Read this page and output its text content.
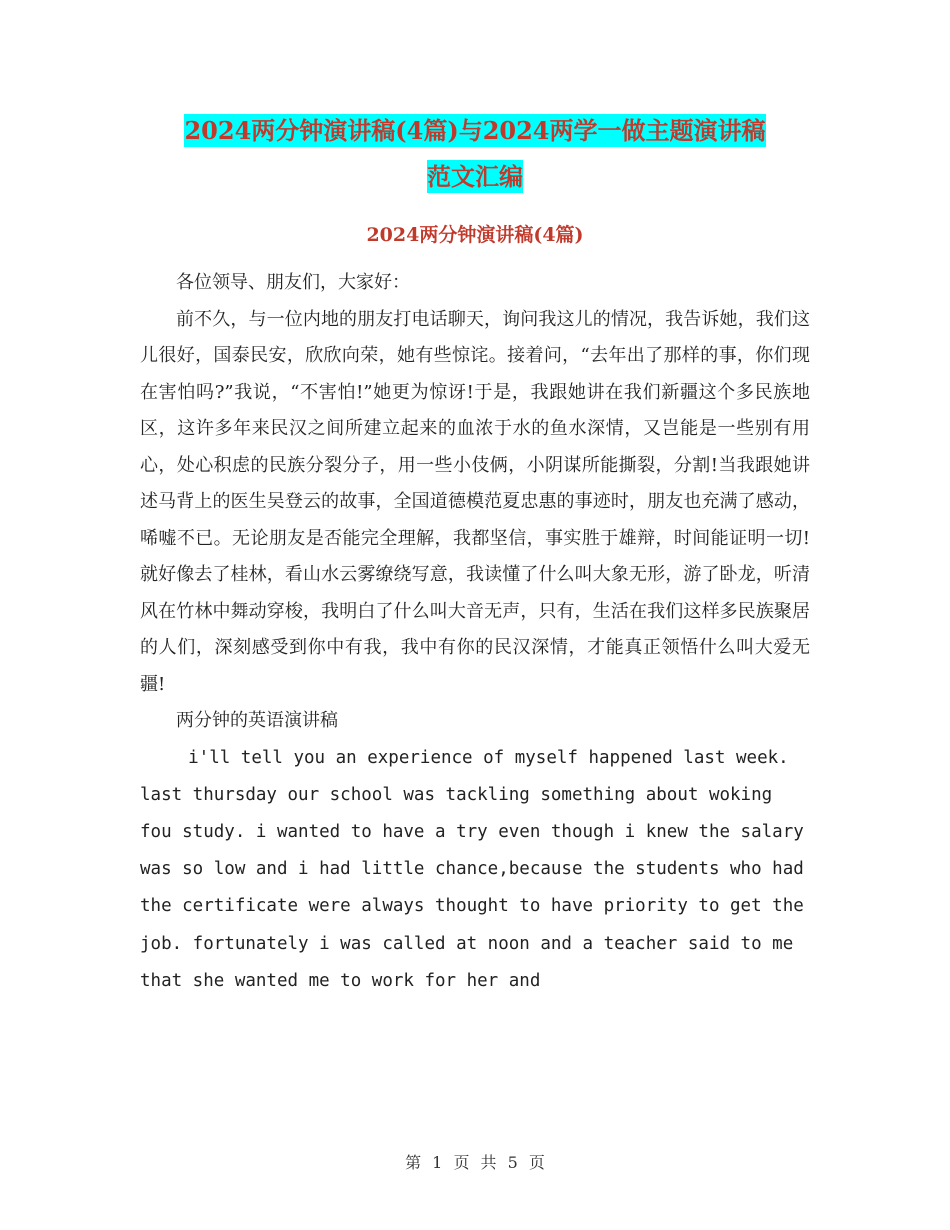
2024两分钟演讲稿(4篇)与2024两学一做主题演讲稿
范文汇编
2024两分钟演讲稿(4篇)

各位领导、朋友们，大家好：

前不久，与一位内地的朋友打电话聊天，询问我这儿的情况，我告诉她，我们这儿很好，国泰民安，欣欣向荣，她有些惊诧。接着问，“去年出了那样的事，你们现在害怕吗?”我说，“不害怕!”她更为惊讶!于是，我跟她讲在我们新疆这个多民族地区，这许多年来民汉之间所建立起来的血浓于水的鱼水深情，又岂能是一些别有用心，处心积虑的民族分裂分子，用一些小伎俩，小阴谋所能撕裂，分割!当我跟她讲述马背上的医生吴登云的故事，全国道德模范夏忠惠的事迹时，朋友也充满了感动，唏嘘不已。无论朋友是否能完全理解，我都坚信，事实胜于雄辩，时间能证明一切!就好像去了桂林，看山水云雾缭绕写意，我读懂了什么叫大象无形，游了卧龙，听清风在竹林中舞动穿梭，我明白了什么叫大音无声，只有，生活在我们这样多民族聚居的人们，深刻感受到你中有我，我中有你的民汉深情，才能真正领悟什么叫大爱无疆!

两分钟的英语演讲稿

i'll tell you an experience of myself happened last week. last thursday our school was tackling something about woking fou study. i wanted to have a try even though i knew the salary was so low and i had little chance,because the students who had the certificate were always thought to have priority to get the job. fortunately i was called at noon and a teacher said to me that she wanted me to work for her and

第 1 页 共 5 页
